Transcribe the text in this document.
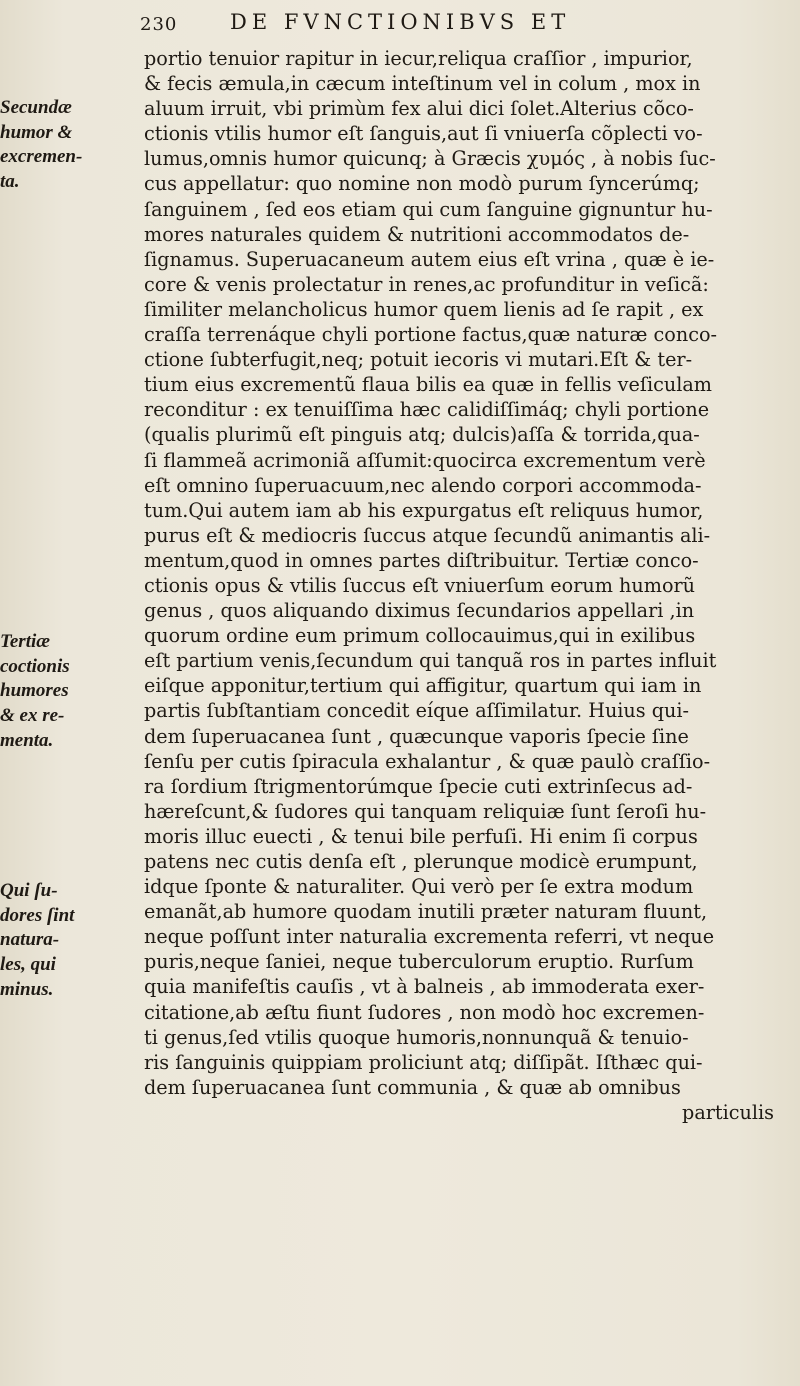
230	DE FVNCTIONIBVS ET
portio tenuior rapitur in iecur,reliqua craſſior , impurior,
& fecis æmula,in cæcum inteſtinum vel in colum , mox in
aluum irruit, vbi primùm fex alui dici ſolet.Alterius cõco-
ctionis vtilis humor eſt ſanguis,aut ſi vniuerſa cõplecti vo-
lumus,omnis humor quicunq; à Græcis χυμός , à nobis ſuc-
cus appellatur: quo nomine non modò purum ſyncerúmq;
ſanguinem , ſed eos etiam qui cum ſanguine gignuntur hu-
mores naturales quidem & nutritioni accommodatos de-
ſignamus. Superuacaneum autem eius eſt vrina , quæ è ie-
core & venis prolectatur in renes,ac profunditur in veſicã:
ſimiliter melancholicus humor quem lienis ad ſe rapit , ex
craſſa terrenáque chyli portione factus,quæ naturæ conco-
ctione ſubterfugit,neq; potuit iecoris vi mutari.Eſt & ter-
tium eius excrementũ flaua bilis ea quæ in fellis veſiculam
reconditur : ex tenuiſſima hæc calidiſſimáq; chyli portione
(qualis plurimũ eſt pinguis atq; dulcis)aſſa & torrida,qua-
ſi flammeã acrimoniã aſſumit:quocirca excrementum verè
eſt omnino ſuperuacuum,nec alendo corpori accommoda-
tum.Qui autem iam ab his expurgatus eſt reliquus humor,
purus eſt & mediocris ſuccus atque ſecundũ animantis ali-
mentum,quod in omnes partes diſtribuitur. Tertiæ conco-
ctionis opus & vtilis ſuccus eſt vniuerſum eorum humorũ
genus , quos aliquando diximus ſecundarios appellari ,in
quorum ordine eum primum collocauimus,qui in exilibus
eſt partium venis,ſecundum qui tanquã ros in partes influit
eiſque apponitur,tertium qui affigitur, quartum qui iam in
partis ſubſtantiam concedit eíque aſſimilatur. Huius qui-
dem ſuperuacanea ſunt , quæcunque vaporis ſpecie ſine
ſenſu per cutis ſpiracula exhalantur , & quæ paulò craſſio-
ra ſordium ſtrigmentorúmque ſpecie cuti extrinſecus ad-
hæreſcunt,& ſudores qui tanquam reliquiæ ſunt ſeroſi hu-
moris illuc euecti , & tenui bile perfuſi. Hi enim ſi corpus
patens nec cutis denſa eſt , plerunque modicè erumpunt,
idque ſponte & naturaliter. Qui verò per ſe extra modum
emanãt,ab humore quodam inutili præter naturam fluunt,
neque poſſunt inter naturalia excrementa referri, vt neque
puris,neque ſaniei, neque tuberculorum eruptio. Rurſum
quia manifeſtis cauſis , vt à balneis , ab immoderata exer-
citatione,ab æſtu fiunt ſudores , non modò hoc excremen-
ti genus,ſed vtilis quoque humoris,nonnunquã & tenuio-
ris ſanguinis quippiam proliciunt atq; diſſipãt. Iſthæc qui-
dem ſuperuacanea ſunt communia , & quæ ab omnibus
particulis
Secundæ
humor &
excremen-
ta.
Tertiæ
coctionis
humores
& ex re-
menta.
Qui ſu-
dores ſint
natura-
les, qui
minus.
